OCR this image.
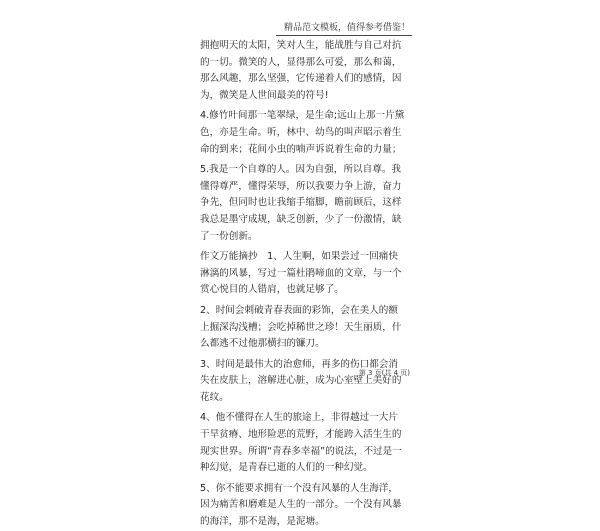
精品范文模板，值得参考借鉴！

拥抱明天的太阳，笑对人生，能战胜与自己对抗的一切。微笑的人，显得那么可爱，那么和蔼，那么风趣，那么坚强，它传递着人们的感情，因为，微笑是人世间最美的符号!

4.修竹叶间那一笔翠绿，是生命;远山上那一片黛色，亦是生命。听，林中、幼鸟的叫声昭示着生命的到来；花间小虫的喃声诉说着生命的力量；

5.我是一个自尊的人。因为自强，所以自尊。我懂得尊严，懂得荣辱，所以我要力争上游，奋力争先，但同时也让我缩手缩脚，瞻前顾后，这样我总是墨守成规，缺乏创新，少了一份激情，缺了一份创新。

作文万能摘抄　1、人生啊，如果尝过一回痛快淋漓的风暴，写过一篇杜鹃啼血的文章，与一个赏心悦目的人错肩，也就足够了。

2、时间会刺破青春表面的彩饰，会在美人的额上掘深沟浅槽；会吃掉稀世之珍！天生丽质，什么都逃不过他那横扫的镰刀。

3、时间是最伟大的治愈师，再多的伤口都会消失在皮肤上，溶解进心脏，成为心室壁上美好的花纹。

4、他不懂得在人生的旅途上，非得越过一大片干旱贫瘠、地形险恶的荒野，才能跨入活生生的现实世界。所谓“青春多幸福”的说法，不过是一种幻觉，是青春已逝的人们的一种幻觉。

5、你不能要求拥有一个没有风暴的人生海洋，因为痛苦和磨难是人生的一部分。一个没有风暴的海洋，那不是海，是泥塘。

第 3 页(共 4 页)
